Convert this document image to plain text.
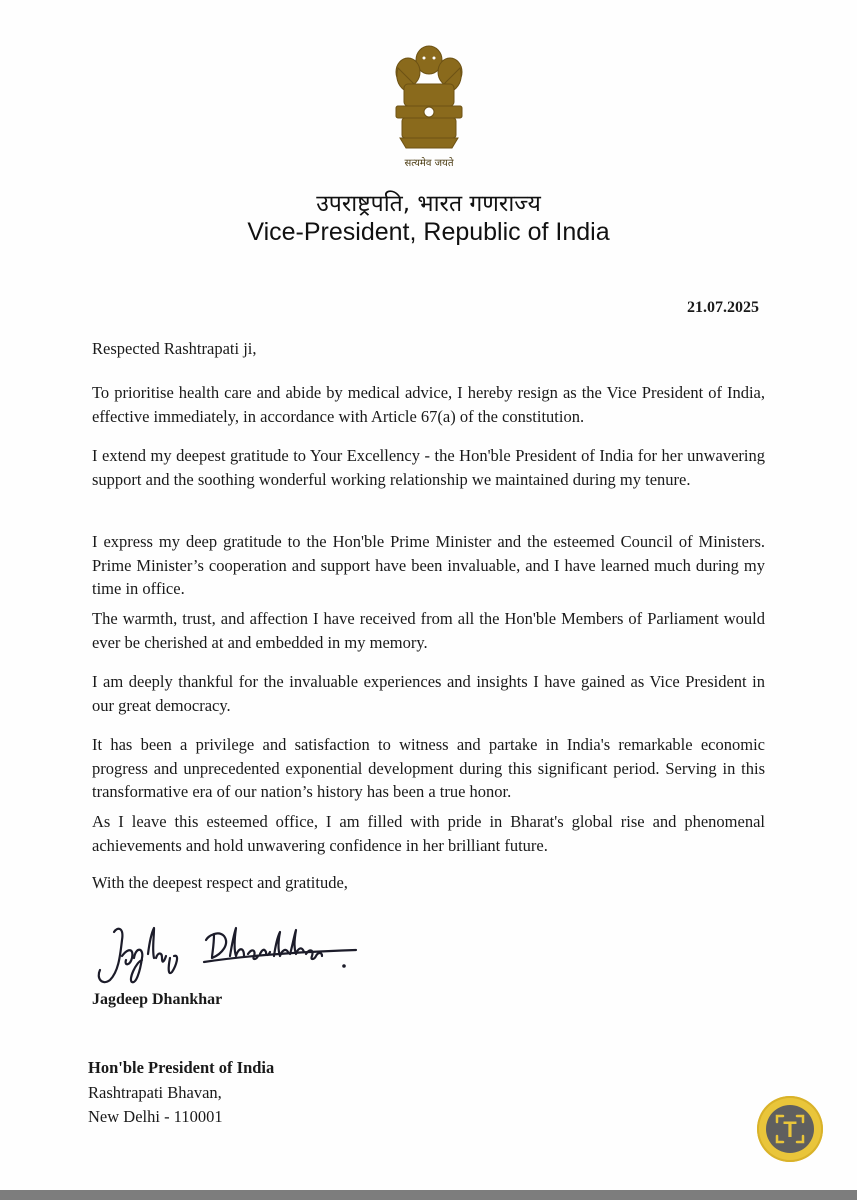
सत्यमेव जयते
उपराष्ट्रपति, भारत गणराज्य
Vice-President, Republic of India
21.07.2025
Respected Rashtrapati ji,

To prioritise health care and abide by medical advice, I hereby resign as the Vice President of India, effective immediately, in accordance with Article 67(a) of the constitution.

I extend my deepest gratitude to Your Excellency - the Hon'ble President of India for her unwavering support and the soothing wonderful working relationship we maintained during my tenure.

I express my deep gratitude to the Hon'ble Prime Minister and the esteemed Council of Ministers. Prime Minister’s cooperation and support have been invaluable, and I have learned much during my time in office.

The warmth, trust, and affection I have received from all the Hon'ble Members of Parliament would ever be cherished at and embedded in my memory.

I am deeply thankful for the invaluable experiences and insights I have gained as Vice President in our great democracy.

It has been a privilege and satisfaction to witness and partake in India's remarkable economic progress and unprecedented exponential development during this significant period. Serving in this transformative era of our nation’s history has been a true honor.

As I leave this esteemed office, I am filled with pride in Bharat's global rise and phenomenal achievements and hold unwavering confidence in her brilliant future.

With the deepest respect and gratitude,
Jagdeep Dhankhar
Hon'ble President of India
Rashtrapati Bhavan,
New Delhi - 110001
T
